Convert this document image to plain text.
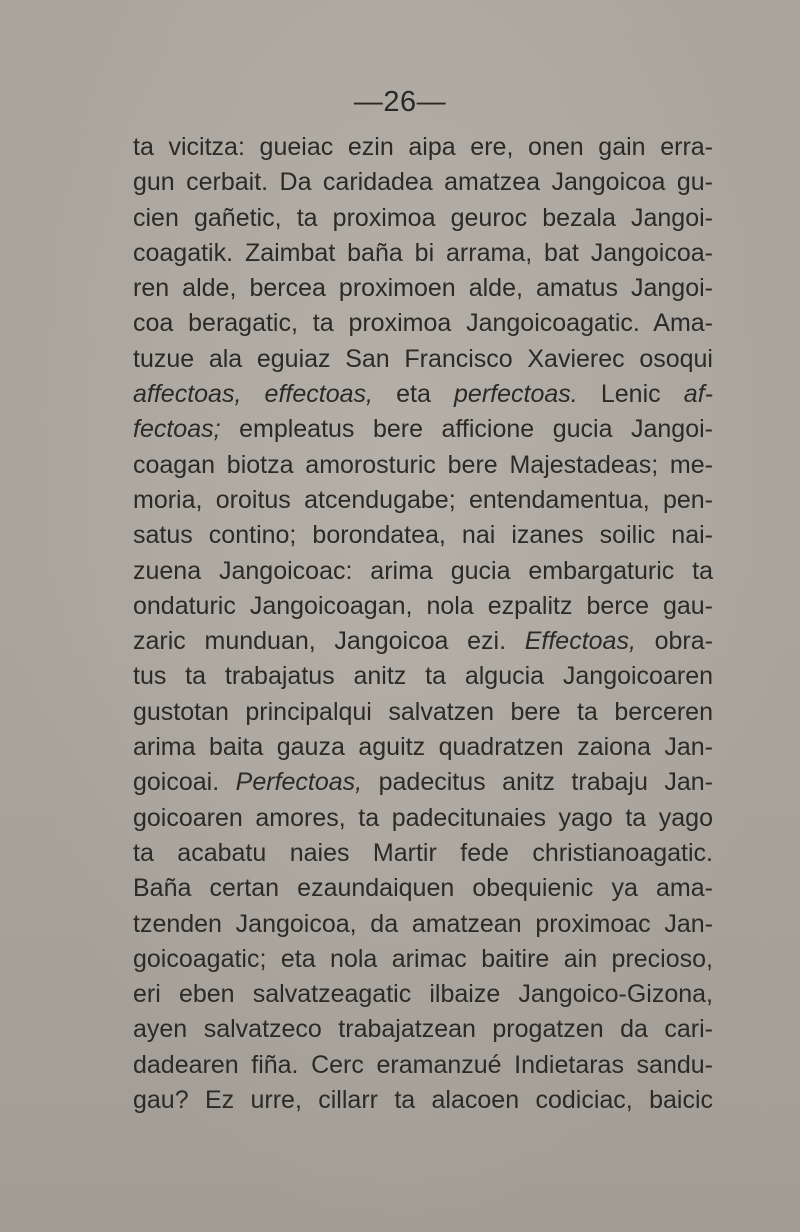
—26—
ta vicitza: gueiac ezin aipa ere, onen gain erra-
gun cerbait. Da caridadea amatzea Jangoicoa gu-
cien gañetic, ta proximoa geuroc bezala Jangoi-
coagatik. Zaimbat baña bi arrama, bat Jangoicoa-
ren alde, bercea proximoen alde, amatus Jangoi-
coa beragatic, ta proximoa Jangoicoagatic. Ama-
tuzue ala eguiaz San Francisco Xavierec osoqui
affectoas, effectoas, eta perfectoas. Lenic af-
fectoas; empleatus bere afficione gucia Jangoi-
coagan biotza amorosturic bere Majestadeas; me-
moria, oroitus atcendugabe; entendamentua, pen-
satus contino; borondatea, nai izanes soilic nai-
zuena Jangoicoac: arima gucia embargaturic ta
ondaturic Jangoicoagan, nola ezpalitz berce gau-
zaric munduan, Jangoicoa ezi. Effectoas, obra-
tus ta trabajatus anitz ta algucia Jangoicoaren
gustotan principalqui salvatzen bere ta berceren
arima baita gauza aguitz quadratzen zaiona Jan-
goicoai. Perfectoas, padecitus anitz trabaju Jan-
goicoaren amores, ta padecitunaies yago ta yago
ta acabatu naies Martir fede christianoagatic.
Baña certan ezaundaiquen obequienic ya ama-
tzenden Jangoicoa, da amatzean proximoac Jan-
goicoagatic; eta nola arimac baitire ain precioso,
eri eben salvatzeagatic ilbaize Jangoico-Gizona,
ayen salvatzeco trabajatzean progatzen da cari-
dadearen fiña. Cerc eramanzué Indietaras sandu-
gau? Ez urre, cillarr ta alacoen codiciac, baicic
